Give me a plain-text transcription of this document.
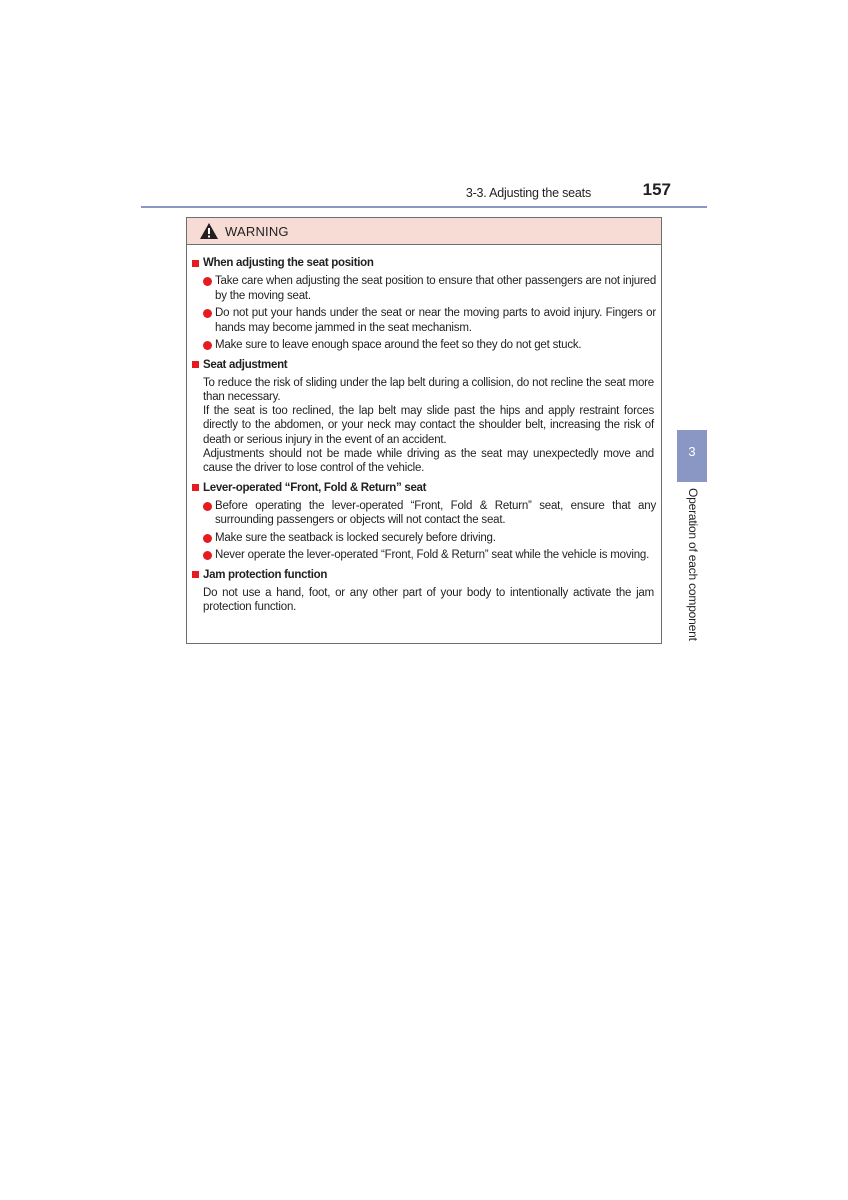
3-3. Adjusting the seats	157
WARNING
When adjusting the seat position
Take care when adjusting the seat position to ensure that other passengers are not injured by the moving seat.
Do not put your hands under the seat or near the moving parts to avoid injury. Fingers or hands may become jammed in the seat mechanism.
Make sure to leave enough space around the feet so they do not get stuck.
Seat adjustment
To reduce the risk of sliding under the lap belt during a collision, do not recline the seat more than necessary.
If the seat is too reclined, the lap belt may slide past the hips and apply restraint forces directly to the abdomen, or your neck may contact the shoulder belt, increasing the risk of death or serious injury in the event of an accident.
Adjustments should not be made while driving as the seat may unexpectedly move and cause the driver to lose control of the vehicle.
Lever-operated “Front, Fold & Return” seat
Before operating the lever-operated “Front, Fold & Return” seat, ensure that any surrounding passengers or objects will not contact the seat.
Make sure the seatback is locked securely before driving.
Never operate the lever-operated “Front, Fold & Return” seat while the vehicle is moving.
Jam protection function
Do not use a hand, foot, or any other part of your body to intentionally activate the jam protection function.
3
Operation of each component
